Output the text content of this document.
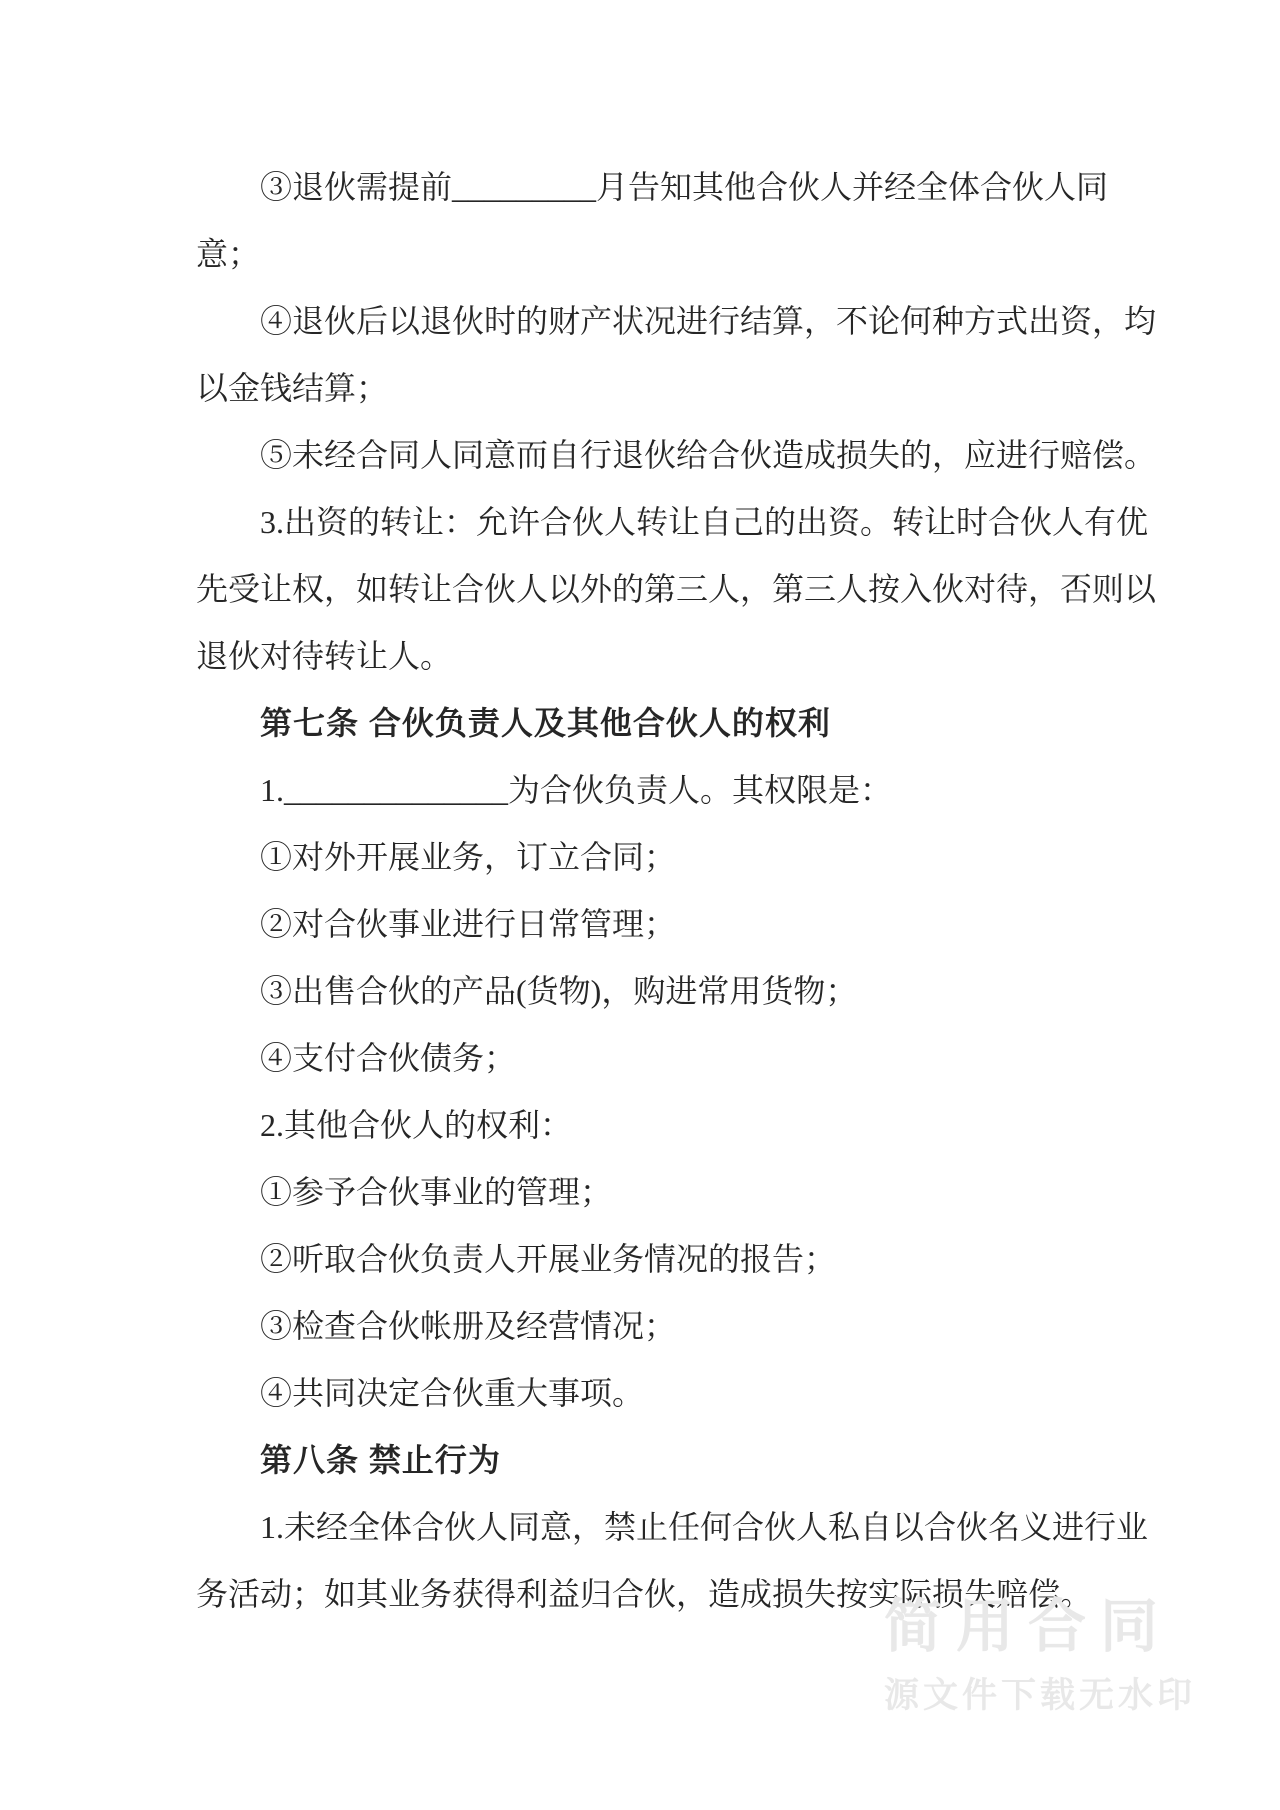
③退伙需提前_________月告知其他合伙人并经全体合伙人同
意；
④退伙后以退伙时的财产状况进行结算，不论何种方式出资，均
以金钱结算；
⑤未经合同人同意而自行退伙给合伙造成损失的，应进行赔偿。
3.出资的转让：允许合伙人转让自己的出资。转让时合伙人有优
先受让权，如转让合伙人以外的第三人，第三人按入伙对待，否则以
退伙对待转让人。
第七条 合伙负责人及其他合伙人的权利
1.______________为合伙负责人。其权限是：
①对外开展业务，订立合同；
②对合伙事业进行日常管理；
③出售合伙的产品(货物)，购进常用货物；
④支付合伙债务；
2.其他合伙人的权利：
①参予合伙事业的管理；
②听取合伙负责人开展业务情况的报告；
③检查合伙帐册及经营情况；
④共同决定合伙重大事项。
第八条 禁止行为
1.未经全体合伙人同意，禁止任何合伙人私自以合伙名义进行业
务活动；如其业务获得利益归合伙，造成损失按实际损失赔偿。
简用合同
源文件下载无水印
